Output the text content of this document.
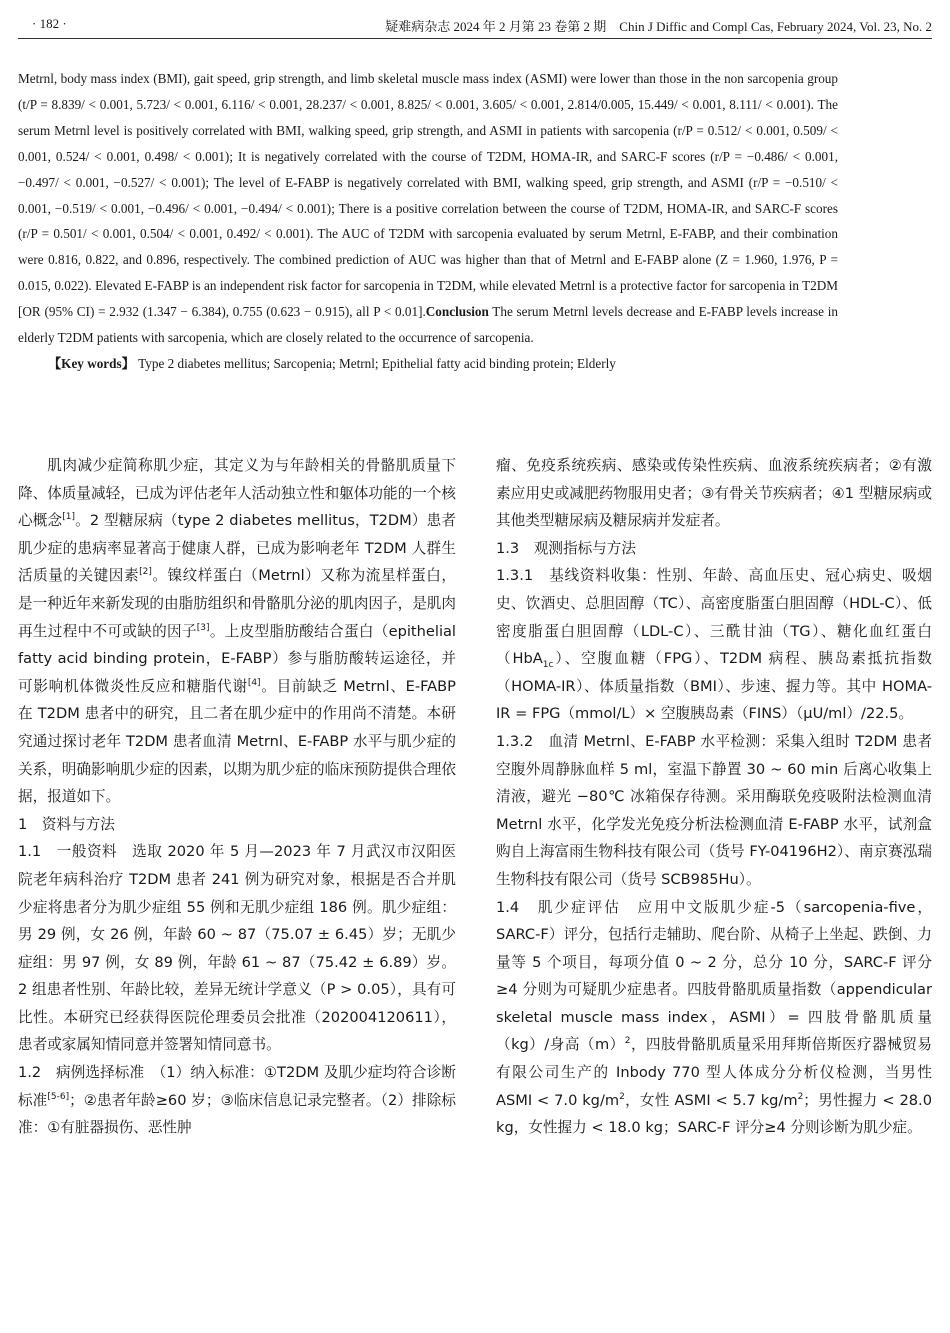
· 182 ·	疑难病杂志 2024 年 2 月第 23 卷第 2 期　Chin J Diffic and Compl Cas, February 2024, Vol. 23, No. 2

Metrnl, body mass index (BMI), gait speed, grip strength, and limb skeletal muscle mass index (ASMI) were lower than those in the non sarcopenia group (t/P = 8.839/ < 0.001, 5.723/ < 0.001, 6.116/ < 0.001, 28.237/ < 0.001, 8.825/ < 0.001, 3.605/ < 0.001, 2.814/0.005, 15.449/ < 0.001, 8.111/ < 0.001). The serum Metrnl level is positively correlated with BMI, walking speed, grip strength, and ASMI in patients with sarcopenia (r/P = 0.512/ < 0.001, 0.509/ < 0.001, 0.524/ < 0.001, 0.498/ < 0.001); It is negatively correlated with the course of T2DM, HOMA-IR, and SARC-F scores (r/P = −0.486/ < 0.001, −0.497/ < 0.001, −0.527/ < 0.001); The level of E-FABP is negatively correlated with BMI, walking speed, grip strength, and ASMI (r/P = −0.510/ < 0.001, −0.519/ < 0.001, −0.496/ < 0.001, −0.494/ < 0.001); There is a positive correlation between the course of T2DM, HOMA-IR, and SARC-F scores (r/P = 0.501/ < 0.001, 0.504/ < 0.001, 0.492/ < 0.001). The AUC of T2DM with sarcopenia evaluated by serum Metrnl, E-FABP, and their combination were 0.816, 0.822, and 0.896, respectively. The combined prediction of AUC was higher than that of Metrnl and E-FABP alone (Z = 1.960, 1.976, P = 0.015, 0.022). Elevated E-FABP is an independent risk factor for sarcopenia in T2DM, while elevated Metrnl is a protective factor for sarcopenia in T2DM [OR (95% CI) = 2.932 (1.347 − 6.384), 0.755 (0.623 − 0.915), all P < 0.01].Conclusion The serum Metrnl levels decrease and E-FABP levels increase in elderly T2DM patients with sarcopenia, which are closely related to the occurrence of sarcopenia.

【Key words】 Type 2 diabetes mellitus; Sarcopenia; Metrnl; Epithelial fatty acid binding protein; Elderly

肌肉减少症简称肌少症，其定义为与年龄相关的骨骼肌质量下降、体质量减轻，已成为评估老年人活动独立性和躯体功能的一个核心概念[1]。2 型糖尿病（type 2 diabetes mellitus，T2DM）患者肌少症的患病率显著高于健康人群，已成为影响老年 T2DM 人群生活质量的关键因素[2]。镍纹样蛋白（Metrnl）又称为流星样蛋白，是一种近年来新发现的由脂肪组织和骨骼肌分泌的肌肉因子，是肌肉再生过程中不可或缺的因子[3]。上皮型脂肪酸结合蛋白（epithelial fatty acid binding protein，E-FABP）参与脂肪酸转运途径，并可影响机体微炎性反应和糖脂代谢[4]。目前缺乏 Metrnl、E-FABP 在 T2DM 患者中的研究，且二者在肌少症中的作用尚不清楚。本研究通过探讨老年 T2DM 患者血清 Metrnl、E-FABP 水平与肌少症的关系，明确影响肌少症的因素，以期为肌少症的临床预防提供合理依据，报道如下。

1　资料与方法

1.1　一般资料　选取 2020 年 5 月—2023 年 7 月武汉市汉阳医院老年病科治疗 T2DM 患者 241 例为研究对象，根据是否合并肌少症将患者分为肌少症组 55 例和无肌少症组 186 例。肌少症组：男 29 例，女 26 例，年龄 60 ~ 87（75.07 ± 6.45）岁；无肌少症组：男 97 例，女 89 例，年龄 61 ~ 87（75.42 ± 6.89）岁。2 组患者性别、年龄比较，差异无统计学意义（P > 0.05），具有可比性。本研究已经获得医院伦理委员会批准（202004120611），患者或家属知情同意并签署知情同意书。

1.2　病例选择标准　（1）纳入标准：①T2DM 及肌少症均符合诊断标准[5-6]；②患者年龄≥60 岁；③临床信息记录完整者。（2）排除标准：①有脏器损伤、恶性肿

瘤、免疫系统疾病、感染或传染性疾病、血液系统疾病者；②有激素应用史或减肥药物服用史者；③有骨关节疾病者；④1 型糖尿病或其他类型糖尿病及糖尿病并发症者。

1.3　观测指标与方法

1.3.1　基线资料收集：性别、年龄、高血压史、冠心病史、吸烟史、饮酒史、总胆固醇（TC）、高密度脂蛋白胆固醇（HDL-C）、低密度脂蛋白胆固醇（LDL-C）、三酰甘油（TG）、糖化血红蛋白（HbA$_{1c}$）、空腹血糖（FPG）、T2DM 病程、胰岛素抵抗指数（HOMA-IR）、体质量指数（BMI）、步速、握力等。其中 HOMA-IR = FPG（mmol/L）× 空腹胰岛素（FINS）（μU/ml）/22.5。

1.3.2　血清 Metrnl、E-FABP 水平检测：采集入组时 T2DM 患者空腹外周静脉血样 5 ml，室温下静置 30 ~ 60 min 后离心收集上清液，避光 −80℃ 冰箱保存待测。采用酶联免疫吸附法检测血清 Metrnl 水平，化学发光免疫分析法检测血清 E-FABP 水平，试剂盒购自上海富雨生物科技有限公司（货号 FY-04196H2）、南京赛泓瑞生物科技有限公司（货号 SCB985Hu）。

1.4　肌少症评估　应用中文版肌少症-5（sarcopenia-five，SARC-F）评分，包括行走辅助、爬台阶、从椅子上坐起、跌倒、力量等 5 个项目，每项分值 0 ~ 2 分，总分 10 分，SARC-F 评分≥4 分则为可疑肌少症患者。四肢骨骼肌质量指数（appendicular skeletal muscle mass index，ASMI）= 四肢骨骼肌质量（kg）/身高$(m)^2$，四肢骨骼肌质量采用拜斯倍斯医疗器械贸易有限公司生产的 Inbody 770 型人体成分分析仪检测，当男性 ASMI < 7.0 $kg/m^2$，女性 ASMI < 5.7 $kg/m^2$；男性握力 < 28.0 kg，女性握力 < 18.0 kg；SARC-F 评分≥4 分则诊断为肌少症。
